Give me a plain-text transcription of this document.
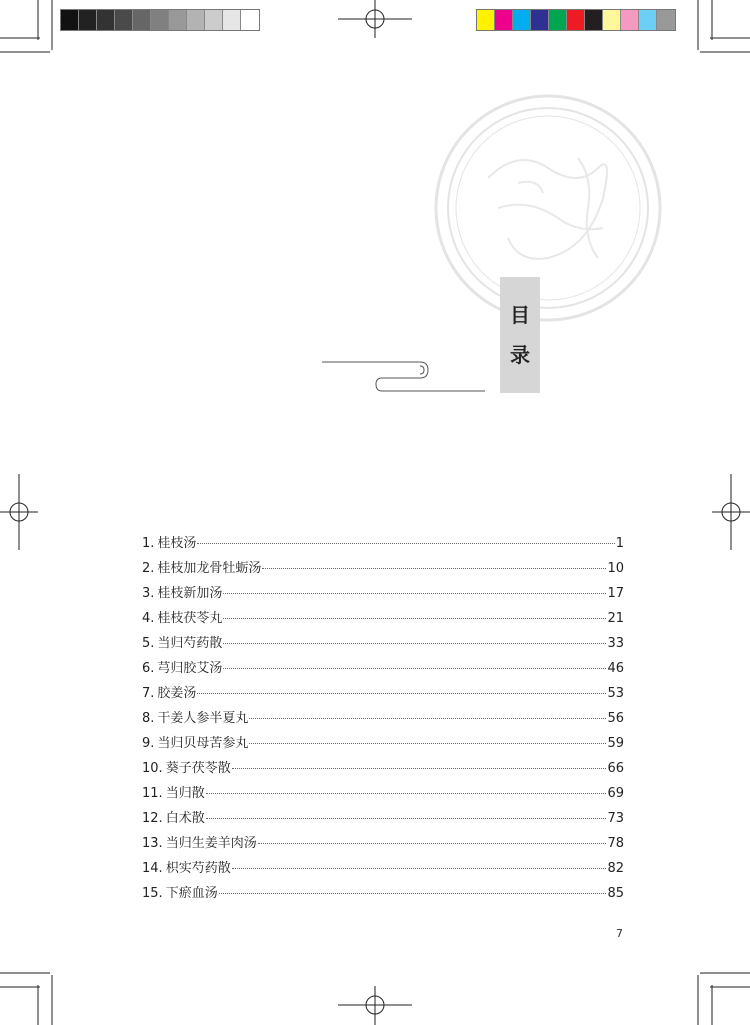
目
录
1. 桂枝汤	1
2. 桂枝加龙骨牡蛎汤	10
3. 桂枝新加汤	17
4. 桂枝茯苓丸	21
5. 当归芍药散	33
6. 芎归胶艾汤	46
7. 胶姜汤	53
8. 干姜人参半夏丸	56
9. 当归贝母苦参丸	59
10. 葵子茯苓散	66
11. 当归散	69
12. 白术散	73
13. 当归生姜羊肉汤	78
14. 枳实芍药散	82
15. 下瘀血汤	85
7
